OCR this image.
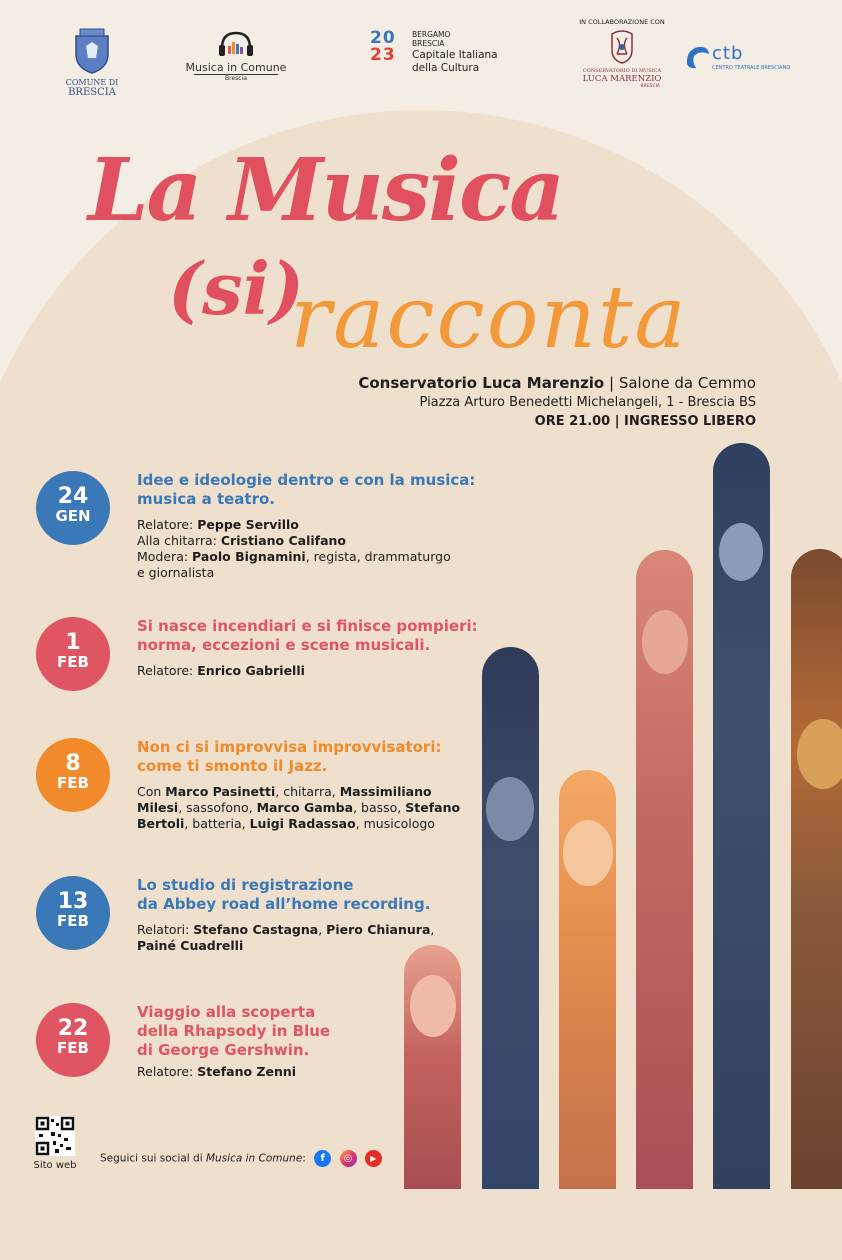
COMUNE DI
BRESCIA
Musica in Comune
Brescia
20
23
BERGAMO
BRESCIA
Capitale Italiana
della Cultura
IN COLLABORAZIONE CON
CONSERVATORIO DI MUSICA
LUCA MARENZIO
BRESCIA
ctb
CENTRO TEATRALE BRESCIANO
La Musica
(si)
racconta
Conservatorio Luca Marenzio | Salone da Cemmo
Piazza Arturo Benedetti Michelangeli, 1 - Brescia BS
ORE 21.00 | INGRESSO LIBERO
24
GEN
Idee e ideologie dentro e con la musica:
musica a teatro.
Relatore: Peppe Servillo
Alla chitarra: Cristiano Califano
Modera: Paolo Bignamini, regista, drammaturgo
e giornalista
1
FEB
Si nasce incendiari e si finisce pompieri:
norma, eccezioni e scene musicali.
Relatore: Enrico Gabrielli
8
FEB
Non ci si improvvisa improvvisatori:
come ti smonto il Jazz.
Con Marco Pasinetti, chitarra, Massimiliano
Milesi, sassofono, Marco Gamba, basso, Stefano
Bertoli, batteria, Luigi Radassao, musicologo
13
FEB
Lo studio di registrazione
da Abbey road all’home recording.
Relatori: Stefano Castagna, Piero Chianura,
Painé Cuadrelli
22
FEB
Viaggio alla scoperta
della Rhapsody in Blue
di George Gershwin.
Relatore: Stefano Zenni
Sito web
Seguici sui social di Musica in Comune: f ◎ ▶
